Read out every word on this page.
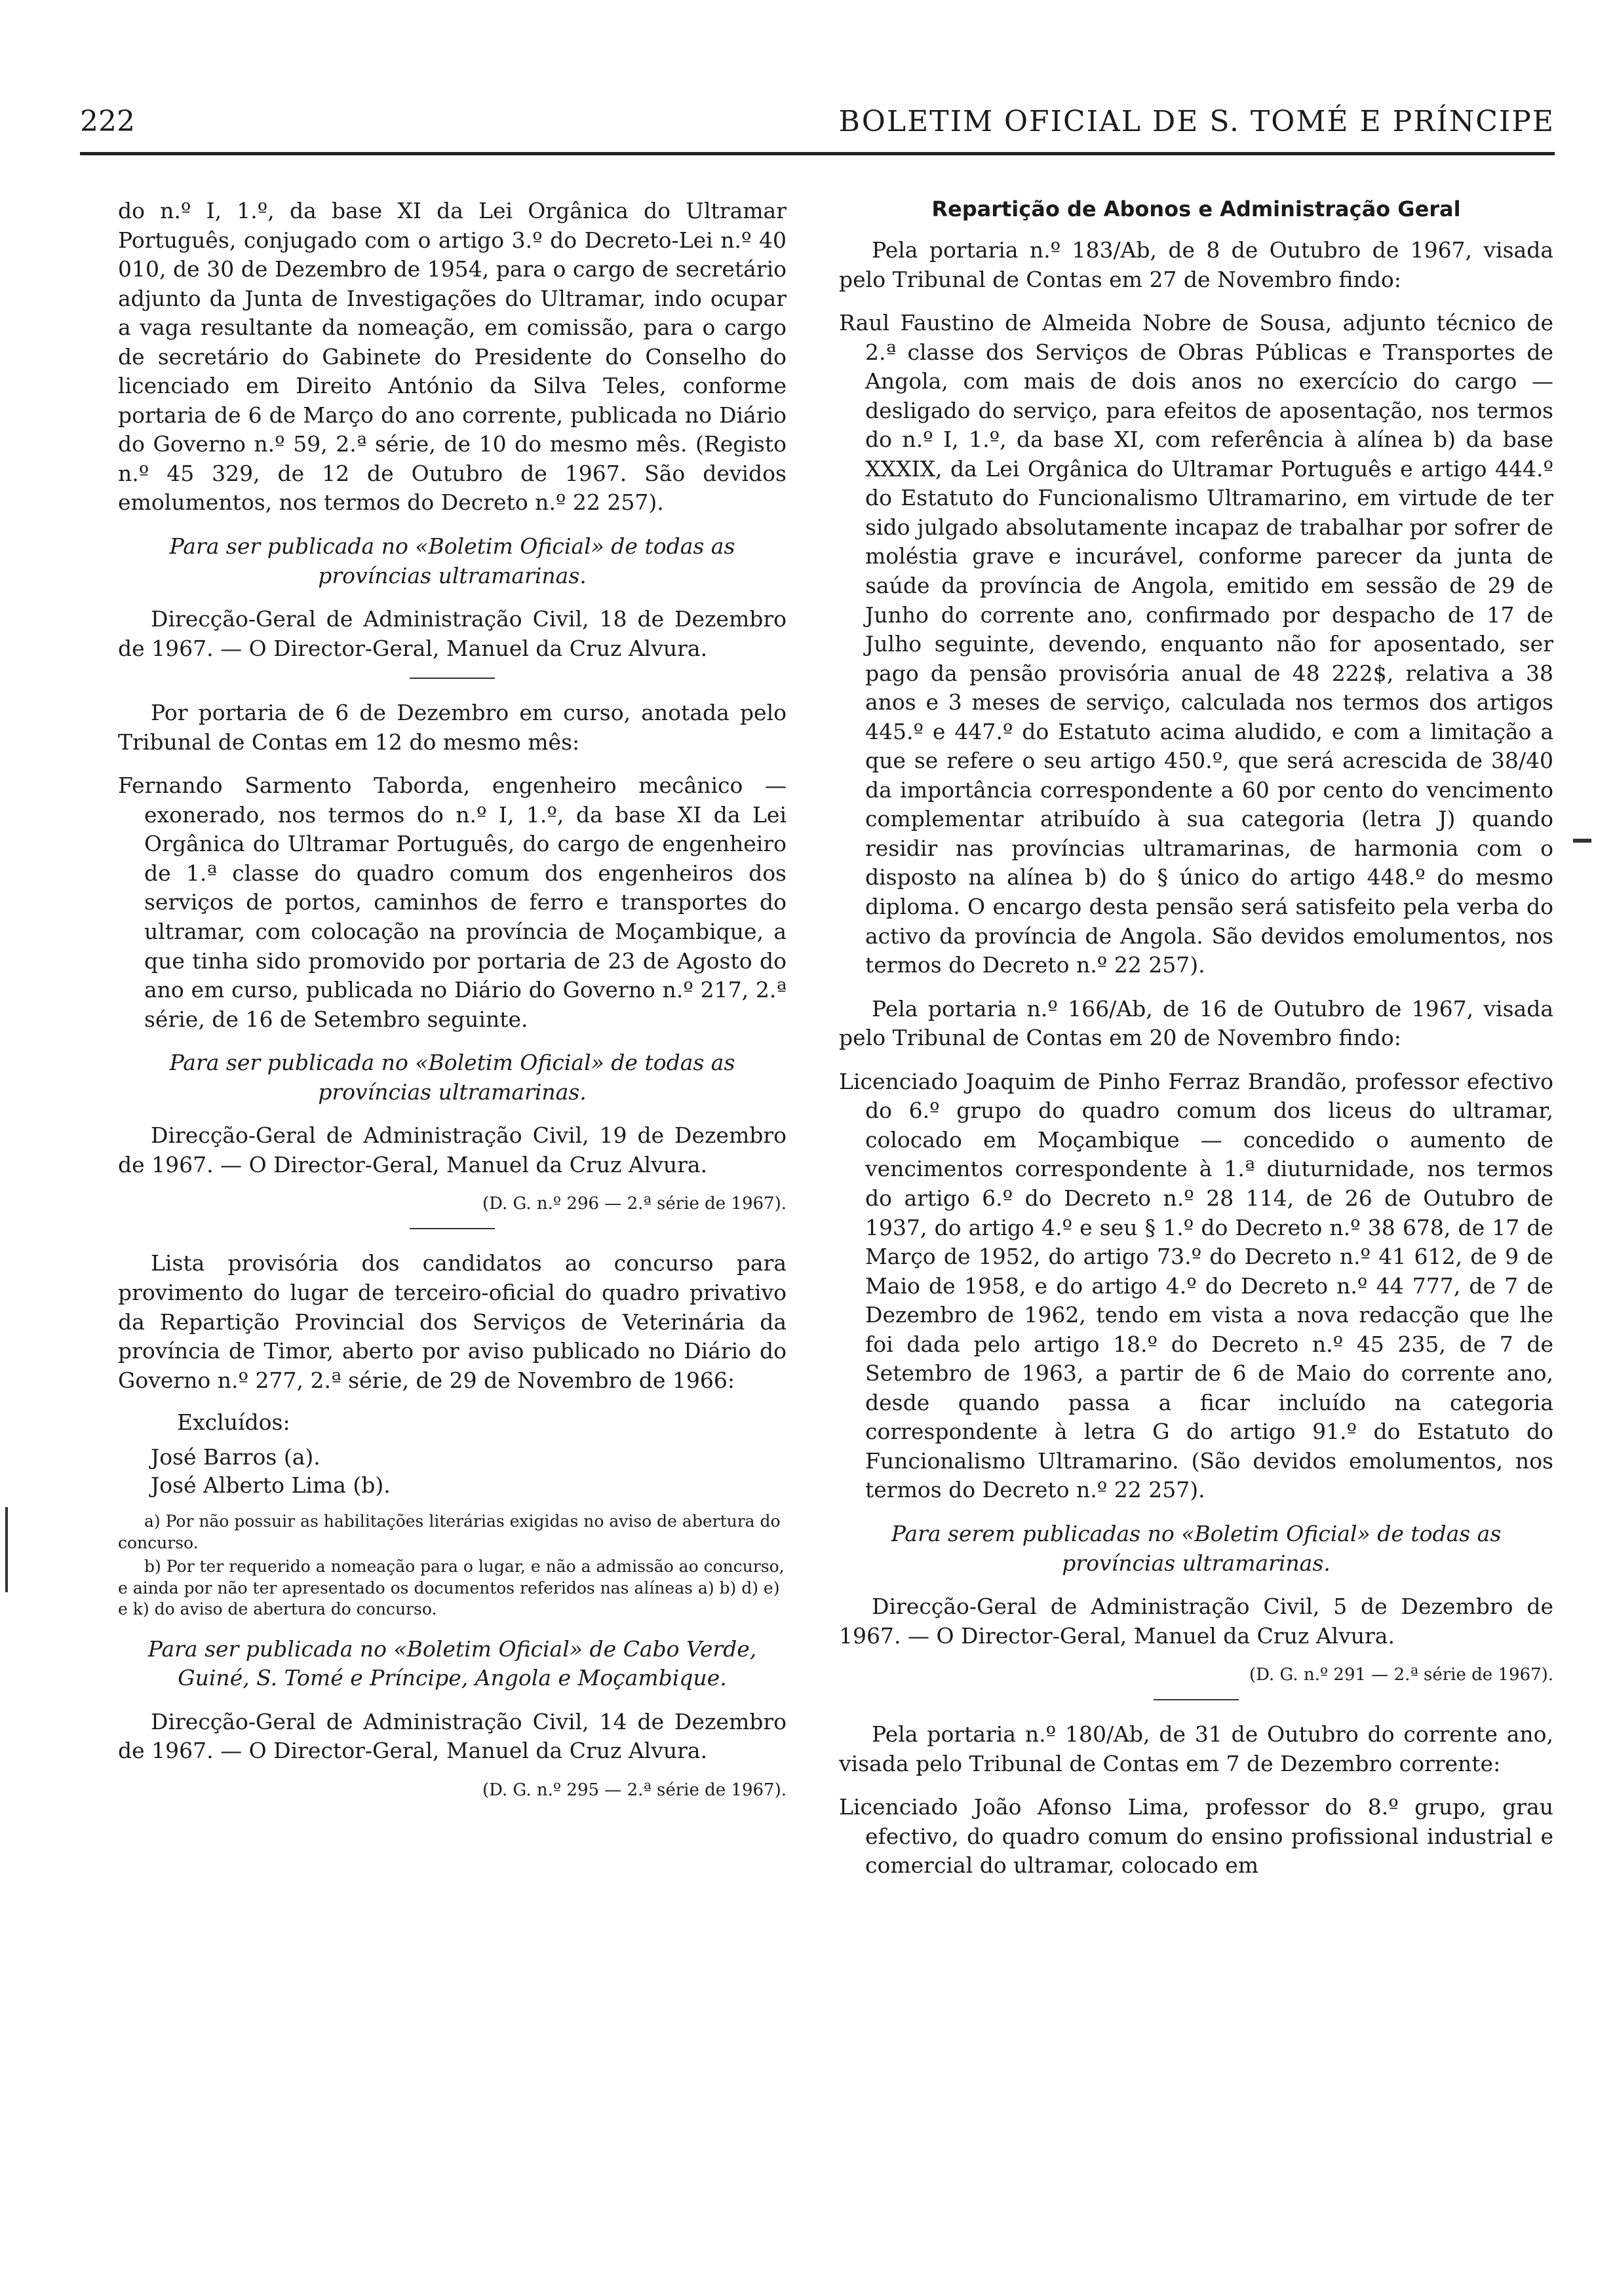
222	BOLETIM OFICIAL DE S. TOMÉ E PRÍNCIPE

do n.º I, 1.º, da base XI da Lei Orgânica do Ultramar Português, conjugado com o artigo 3.º do Decreto-Lei n.º 40 010, de 30 de Dezembro de 1954, para o cargo de secretário adjunto da Junta de Investigações do Ultramar, indo ocupar a vaga resultante da nomeação, em comissão, para o cargo de secretário do Gabinete do Presidente do Conselho do licenciado em Direito António da Silva Teles, conforme portaria de 6 de Março do ano corrente, publicada no Diário do Governo n.º 59, 2.ª série, de 10 do mesmo mês. (Registo n.º 45 329, de 12 de Outubro de 1967. São devidos emolumentos, nos termos do Decreto n.º 22 257).

Para ser publicada no «Boletim Oficial» de todas as províncias ultramarinas.

Direcção-Geral de Administração Civil, 18 de Dezembro de 1967. — O Director-Geral, Manuel da Cruz Alvura.

Por portaria de 6 de Dezembro em curso, anotada pelo Tribunal de Contas em 12 do mesmo mês:

Fernando Sarmento Taborda, engenheiro mecânico — exonerado, nos termos do n.º I, 1.º, da base XI da Lei Orgânica do Ultramar Português, do cargo de engenheiro de 1.ª classe do quadro comum dos engenheiros dos serviços de portos, caminhos de ferro e transportes do ultramar, com colocação na província de Moçambique, a que tinha sido promovido por portaria de 23 de Agosto do ano em curso, publicada no Diário do Governo n.º 217, 2.ª série, de 16 de Setembro seguinte.

Para ser publicada no «Boletim Oficial» de todas as províncias ultramarinas.

Direcção-Geral de Administração Civil, 19 de Dezembro de 1967. — O Director-Geral, Manuel da Cruz Alvura.

(D. G. n.º 296 — 2.ª série de 1967).

Lista provisória dos candidatos ao concurso para provimento do lugar de terceiro-oficial do quadro privativo da Repartição Provincial dos Serviços de Veterinária da província de Timor, aberto por aviso publicado no Diário do Governo n.º 277, 2.ª série, de 29 de Novembro de 1966:

Excluídos:

José Barros (a).

José Alberto Lima (b).

a) Por não possuir as habilitações literárias exigidas no aviso de abertura do concurso.

b) Por ter requerido a nomeação para o lugar, e não a admissão ao concurso, e ainda por não ter apresentado os documentos referidos nas alíneas a) b) d) e) e k) do aviso de abertura do concurso.

Para ser publicada no «Boletim Oficial» de Cabo Verde, Guiné, S. Tomé e Príncipe, Angola e Moçambique.

Direcção-Geral de Administração Civil, 14 de Dezembro de 1967. — O Director-Geral, Manuel da Cruz Alvura.

(D. G. n.º 295 — 2.ª série de 1967).

Repartição de Abonos e Administração Geral

Pela portaria n.º 183/Ab, de 8 de Outubro de 1967, visada pelo Tribunal de Contas em 27 de Novembro findo:

Raul Faustino de Almeida Nobre de Sousa, adjunto técnico de 2.ª classe dos Serviços de Obras Públicas e Transportes de Angola, com mais de dois anos no exercício do cargo — desligado do serviço, para efeitos de aposentação, nos termos do n.º I, 1.º, da base XI, com referência à alínea b) da base XXXIX, da Lei Orgânica do Ultramar Português e artigo 444.º do Estatuto do Funcionalismo Ultramarino, em virtude de ter sido julgado absolutamente incapaz de trabalhar por sofrer de moléstia grave e incurável, conforme parecer da junta de saúde da província de Angola, emitido em sessão de 29 de Junho do corrente ano, confirmado por despacho de 17 de Julho seguinte, devendo, enquanto não for aposentado, ser pago da pensão provisória anual de 48 222$, relativa a 38 anos e 3 meses de serviço, calculada nos termos dos artigos 445.º e 447.º do Estatuto acima aludido, e com a limitação a que se refere o seu artigo 450.º, que será acrescida de 38/40 da importância correspondente a 60 por cento do vencimento complementar atribuído à sua categoria (letra J) quando residir nas províncias ultramarinas, de harmonia com o disposto na alínea b) do § único do artigo 448.º do mesmo diploma. O encargo desta pensão será satisfeito pela verba do activo da província de Angola. São devidos emolumentos, nos termos do Decreto n.º 22 257).

Pela portaria n.º 166/Ab, de 16 de Outubro de 1967, visada pelo Tribunal de Contas em 20 de Novembro findo:

Licenciado Joaquim de Pinho Ferraz Brandão, professor efectivo do 6.º grupo do quadro comum dos liceus do ultramar, colocado em Moçambique — concedido o aumento de vencimentos correspondente à 1.ª diuturnidade, nos termos do artigo 6.º do Decreto n.º 28 114, de 26 de Outubro de 1937, do artigo 4.º e seu § 1.º do Decreto n.º 38 678, de 17 de Março de 1952, do artigo 73.º do Decreto n.º 41 612, de 9 de Maio de 1958, e do artigo 4.º do Decreto n.º 44 777, de 7 de Dezembro de 1962, tendo em vista a nova redacção que lhe foi dada pelo artigo 18.º do Decreto n.º 45 235, de 7 de Setembro de 1963, a partir de 6 de Maio do corrente ano, desde quando passa a ficar incluído na categoria correspondente à letra G do artigo 91.º do Estatuto do Funcionalismo Ultramarino. (São devidos emolumentos, nos termos do Decreto n.º 22 257).

Para serem publicadas no «Boletim Oficial» de todas as províncias ultramarinas.

Direcção-Geral de Administração Civil, 5 de Dezembro de 1967. — O Director-Geral, Manuel da Cruz Alvura.

(D. G. n.º 291 — 2.ª série de 1967).

Pela portaria n.º 180/Ab, de 31 de Outubro do corrente ano, visada pelo Tribunal de Contas em 7 de Dezembro corrente:

Licenciado João Afonso Lima, professor do 8.º grupo, grau efectivo, do quadro comum do ensino profissional industrial e comercial do ultramar, colocado em
